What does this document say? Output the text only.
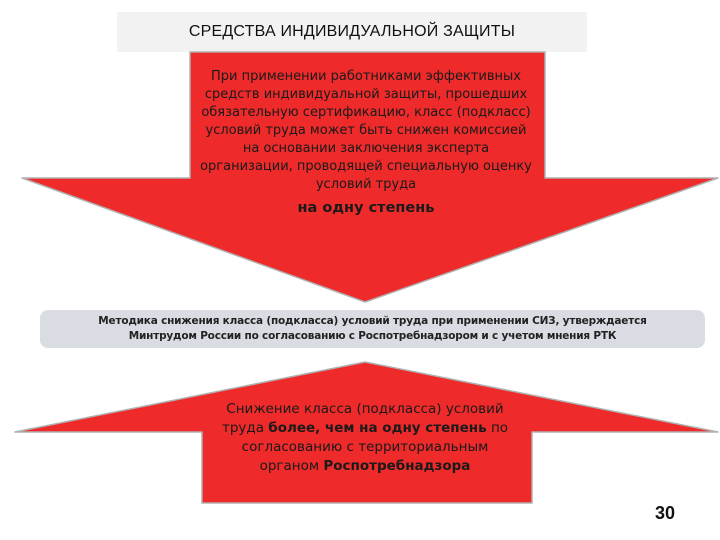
СРЕДСТВА ИНДИВИДУАЛЬНОЙ ЗАЩИТЫ
При применении работниками эффективных средств индивидуальной защиты, прошедших обязательную сертификацию, класс (подкласс) условий труда может быть снижен комиссией на основании заключения эксперта организации, проводящей специальную оценку условий труда
на одну степень
Методика снижения класса (подкласса) условий труда при применении СИЗ, утверждается
Минтрудом России по согласованию с Роспотребнадзором и с учетом мнения РТК
Снижение класса (подкласса) условий труда более, чем на одну степень по согласованию с территориальным органом Роспотребнадзора
30
